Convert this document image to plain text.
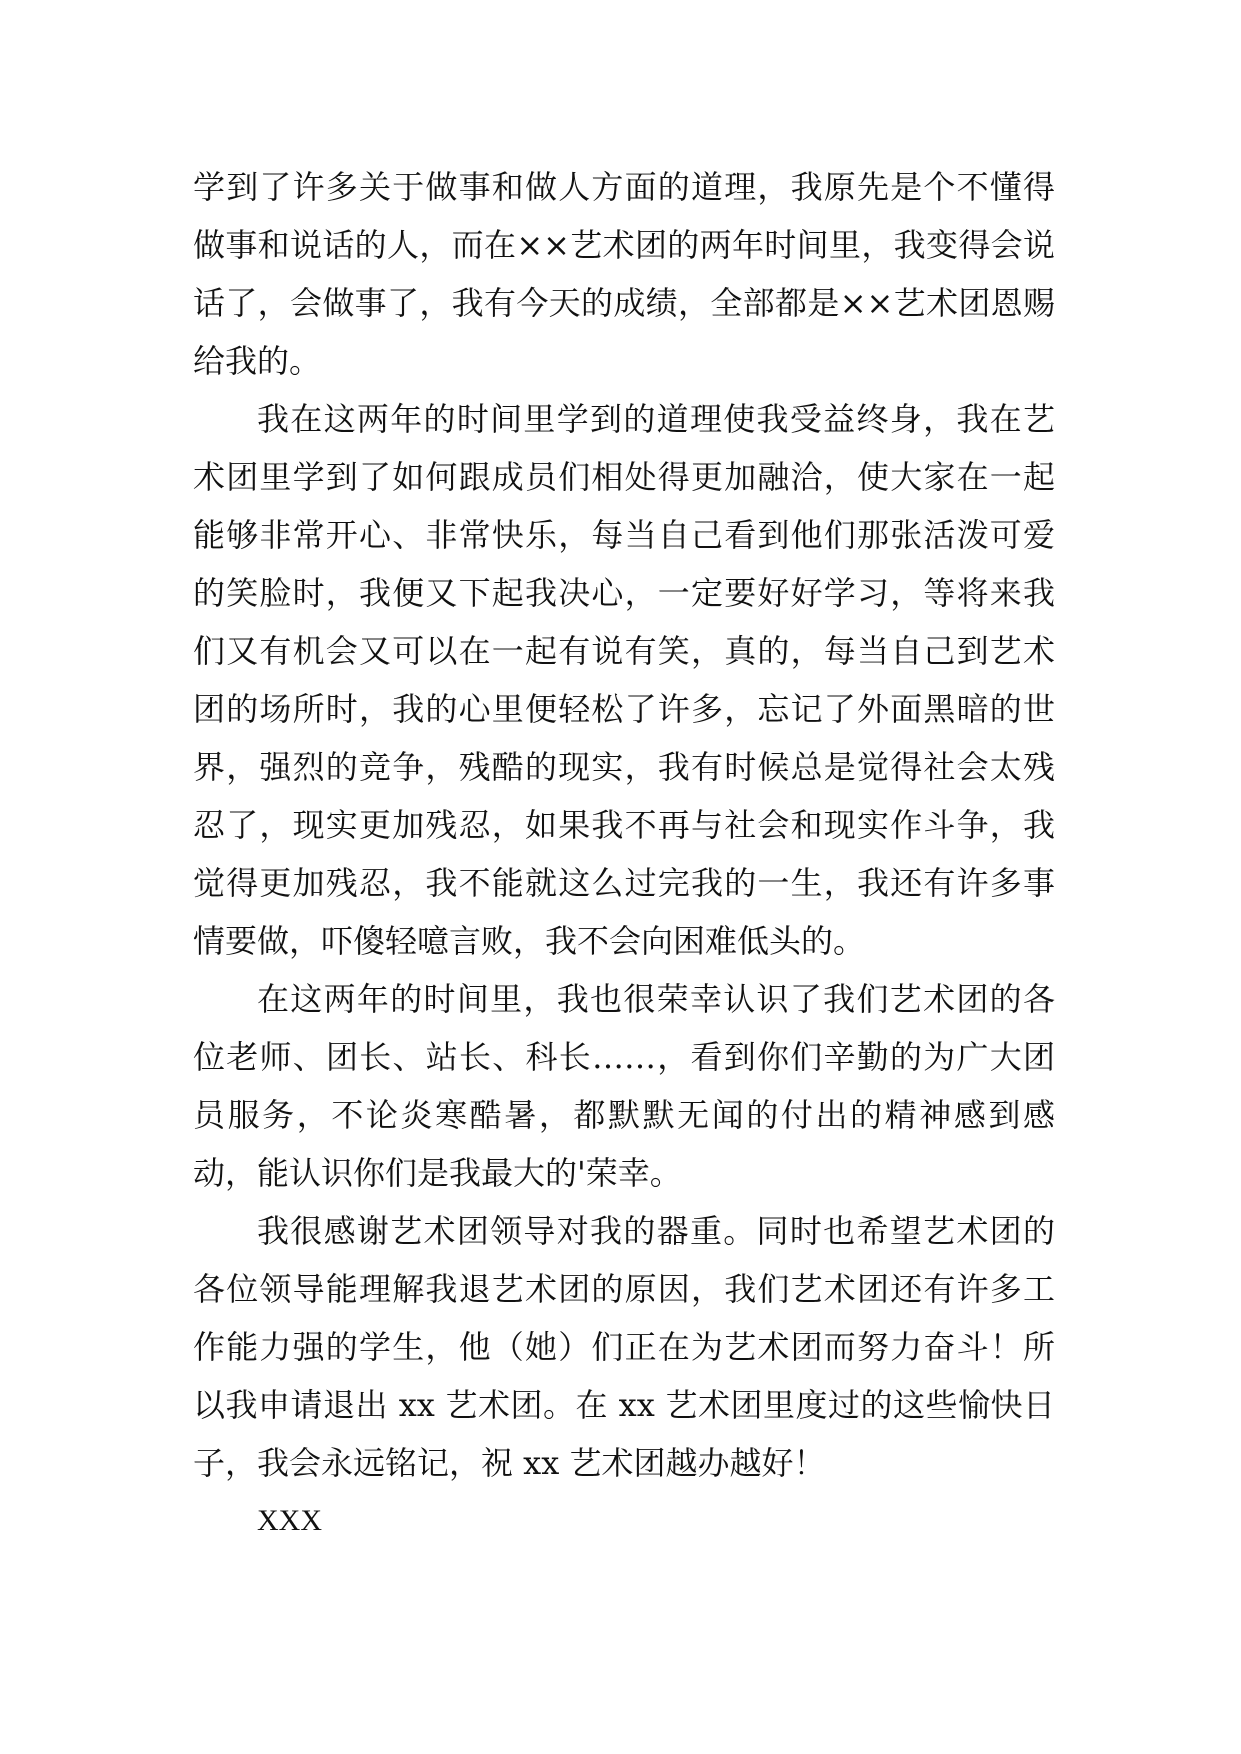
学到了许多关于做事和做人方面的道理，我原先是个不懂得做事和说话的人，而在××艺术团的两年时间里，我变得会说话了，会做事了，我有今天的成绩，全部都是××艺术团恩赐给我的。

我在这两年的时间里学到的道理使我受益终身，我在艺术团里学到了如何跟成员们相处得更加融洽，使大家在一起能够非常开心、非常快乐，每当自己看到他们那张活泼可爱的笑脸时，我便又下起我决心，一定要好好学习，等将来我们又有机会又可以在一起有说有笑，真的，每当自己到艺术团的场所时，我的心里便轻松了许多，忘记了外面黑暗的世界，强烈的竞争，残酷的现实，我有时候总是觉得社会太残忍了，现实更加残忍，如果我不再与社会和现实作斗争，我觉得更加残忍，我不能就这么过完我的一生，我还有许多事情要做，吓傻轻噫言败，我不会向困难低头的。

在这两年的时间里，我也很荣幸认识了我们艺术团的各位老师、团长、站长、科长……，看到你们辛勤的为广大团员服务，不论炎寒酷暑，都默默无闻的付出的精神感到感动，能认识你们是我最大的'荣幸。

我很感谢艺术团领导对我的器重。同时也希望艺术团的各位领导能理解我退艺术团的原因，我们艺术团还有许多工作能力强的学生，他（她）们正在为艺术团而努力奋斗！所以我申请退出 xx 艺术团。在 xx 艺术团里度过的这些愉快日子，我会永远铭记，祝 xx 艺术团越办越好！

XXX
